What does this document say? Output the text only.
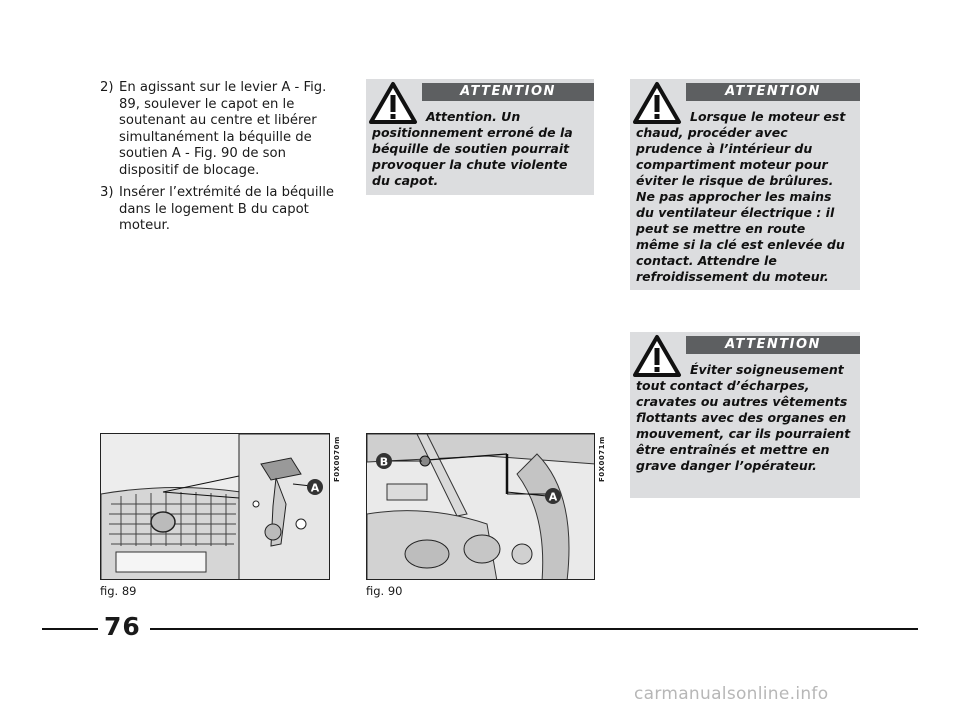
2) En agissant sur le levier A - Fig. 89, soulever le capot en le soutenant au centre et libérer simultanément la béquille de soutien A - Fig. 90 de son dispositif de blocage.
3) Insérer l’extrémité de la béquille dans le logement B du capot moteur.
ATTENTION
Attention. Un positionnement erroné de la béquille de soutien pourrait provoquer la chute violente du capot.
ATTENTION
Lorsque le moteur est chaud, procéder avec prudence à l’intérieur du compartiment moteur pour éviter le risque de brûlures. Ne pas approcher les mains du ventilateur électrique : il peut se mettre en route même si la clé est enlevée du contact. Attendre le refroidissement du moteur.
ATTENTION
Éviter soigneusement tout contact d’écharpes, cravates ou autres vêtements flottants avec des organes en mouvement, car ils pourraient être entraînés et mettre en grave danger l’opérateur.
A
F0X0070m
fig. 89
B
A
F0X0071m
fig. 90
76
carmanualsonline.info
